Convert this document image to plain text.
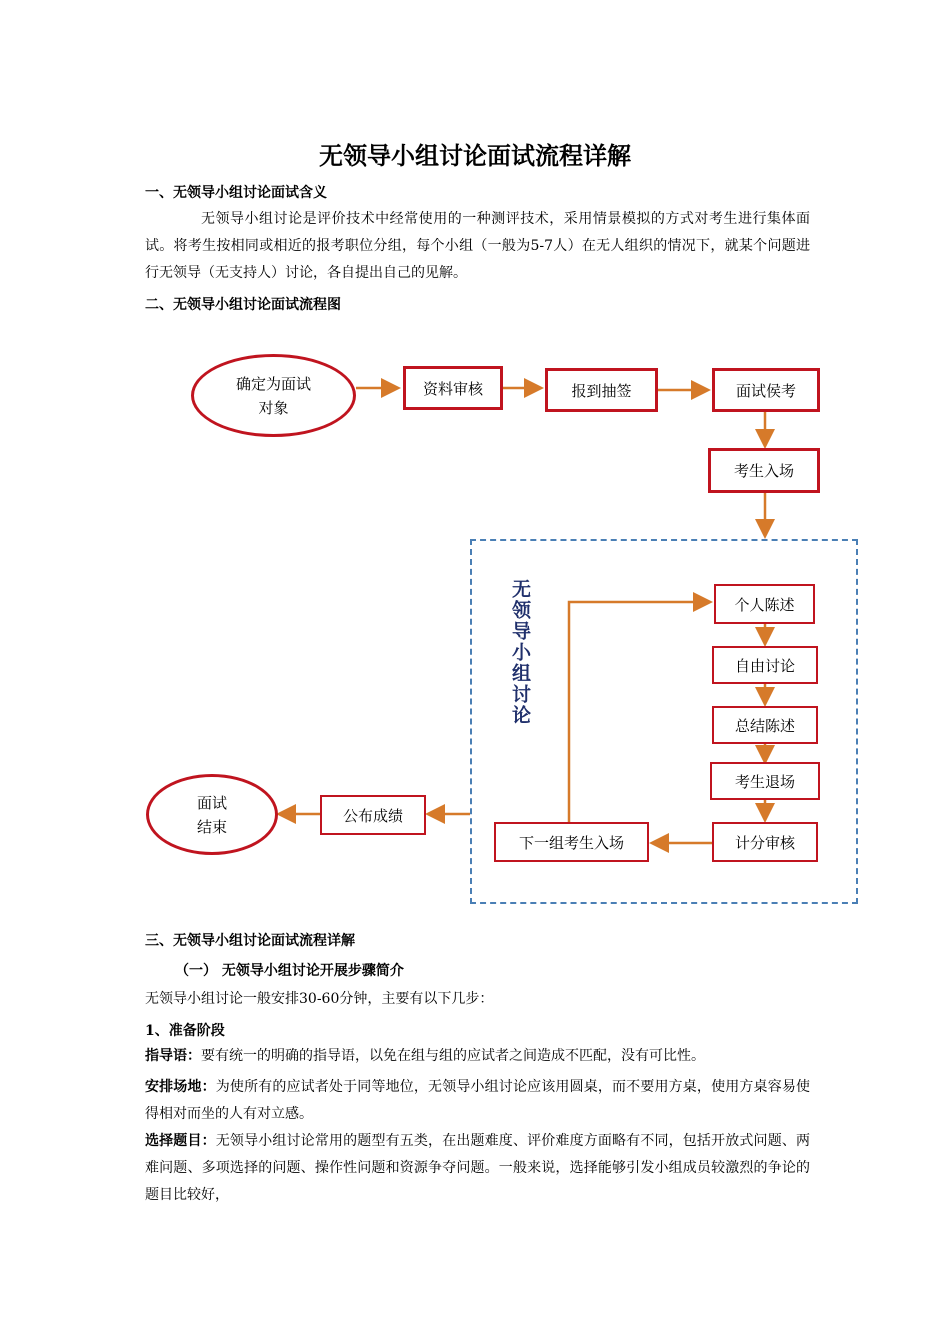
无领导小组讨论面试流程详解
一、无领导小组讨论面试含义

无领导小组讨论是评价技术中经常使用的一种测评技术，采用情景模拟的方式对考生进行集体面试。将考生按相同或相近的报考职位分组，每个小组（一般为5-7人）在无人组织的情况下，就某个问题进行无领导（无支持人）讨论，各自提出自己的见解。

二、无领导小组讨论面试流程图
确定为面试
对象
资料审核	报到抽签	面试侯考
考生入场
无领导小组讨论	个人陈述
自由讨论
总结陈述
考生退场
计分审核
下一组考生入场
公布成绩
面试
结束
三、无领导小组讨论面试流程详解
（一） 无领导小组讨论开展步骤简介

无领导小组讨论一般安排30-60分钟，主要有以下几步：

1、准备阶段

指导语：要有统一的明确的指导语，以免在组与组的应试者之间造成不匹配，没有可比性。

安排场地：为使所有的应试者处于同等地位，无领导小组讨论应该用圆桌，而不要用方桌，使用方桌容易使得相对而坐的人有对立感。

选择题目：无领导小组讨论常用的题型有五类，在出题难度、评价难度方面略有不同，包括开放式问题、两难问题、多项选择的问题、操作性问题和资源争夺问题。一般来说，选择能够引发小组成员较激烈的争论的题目比较好，
